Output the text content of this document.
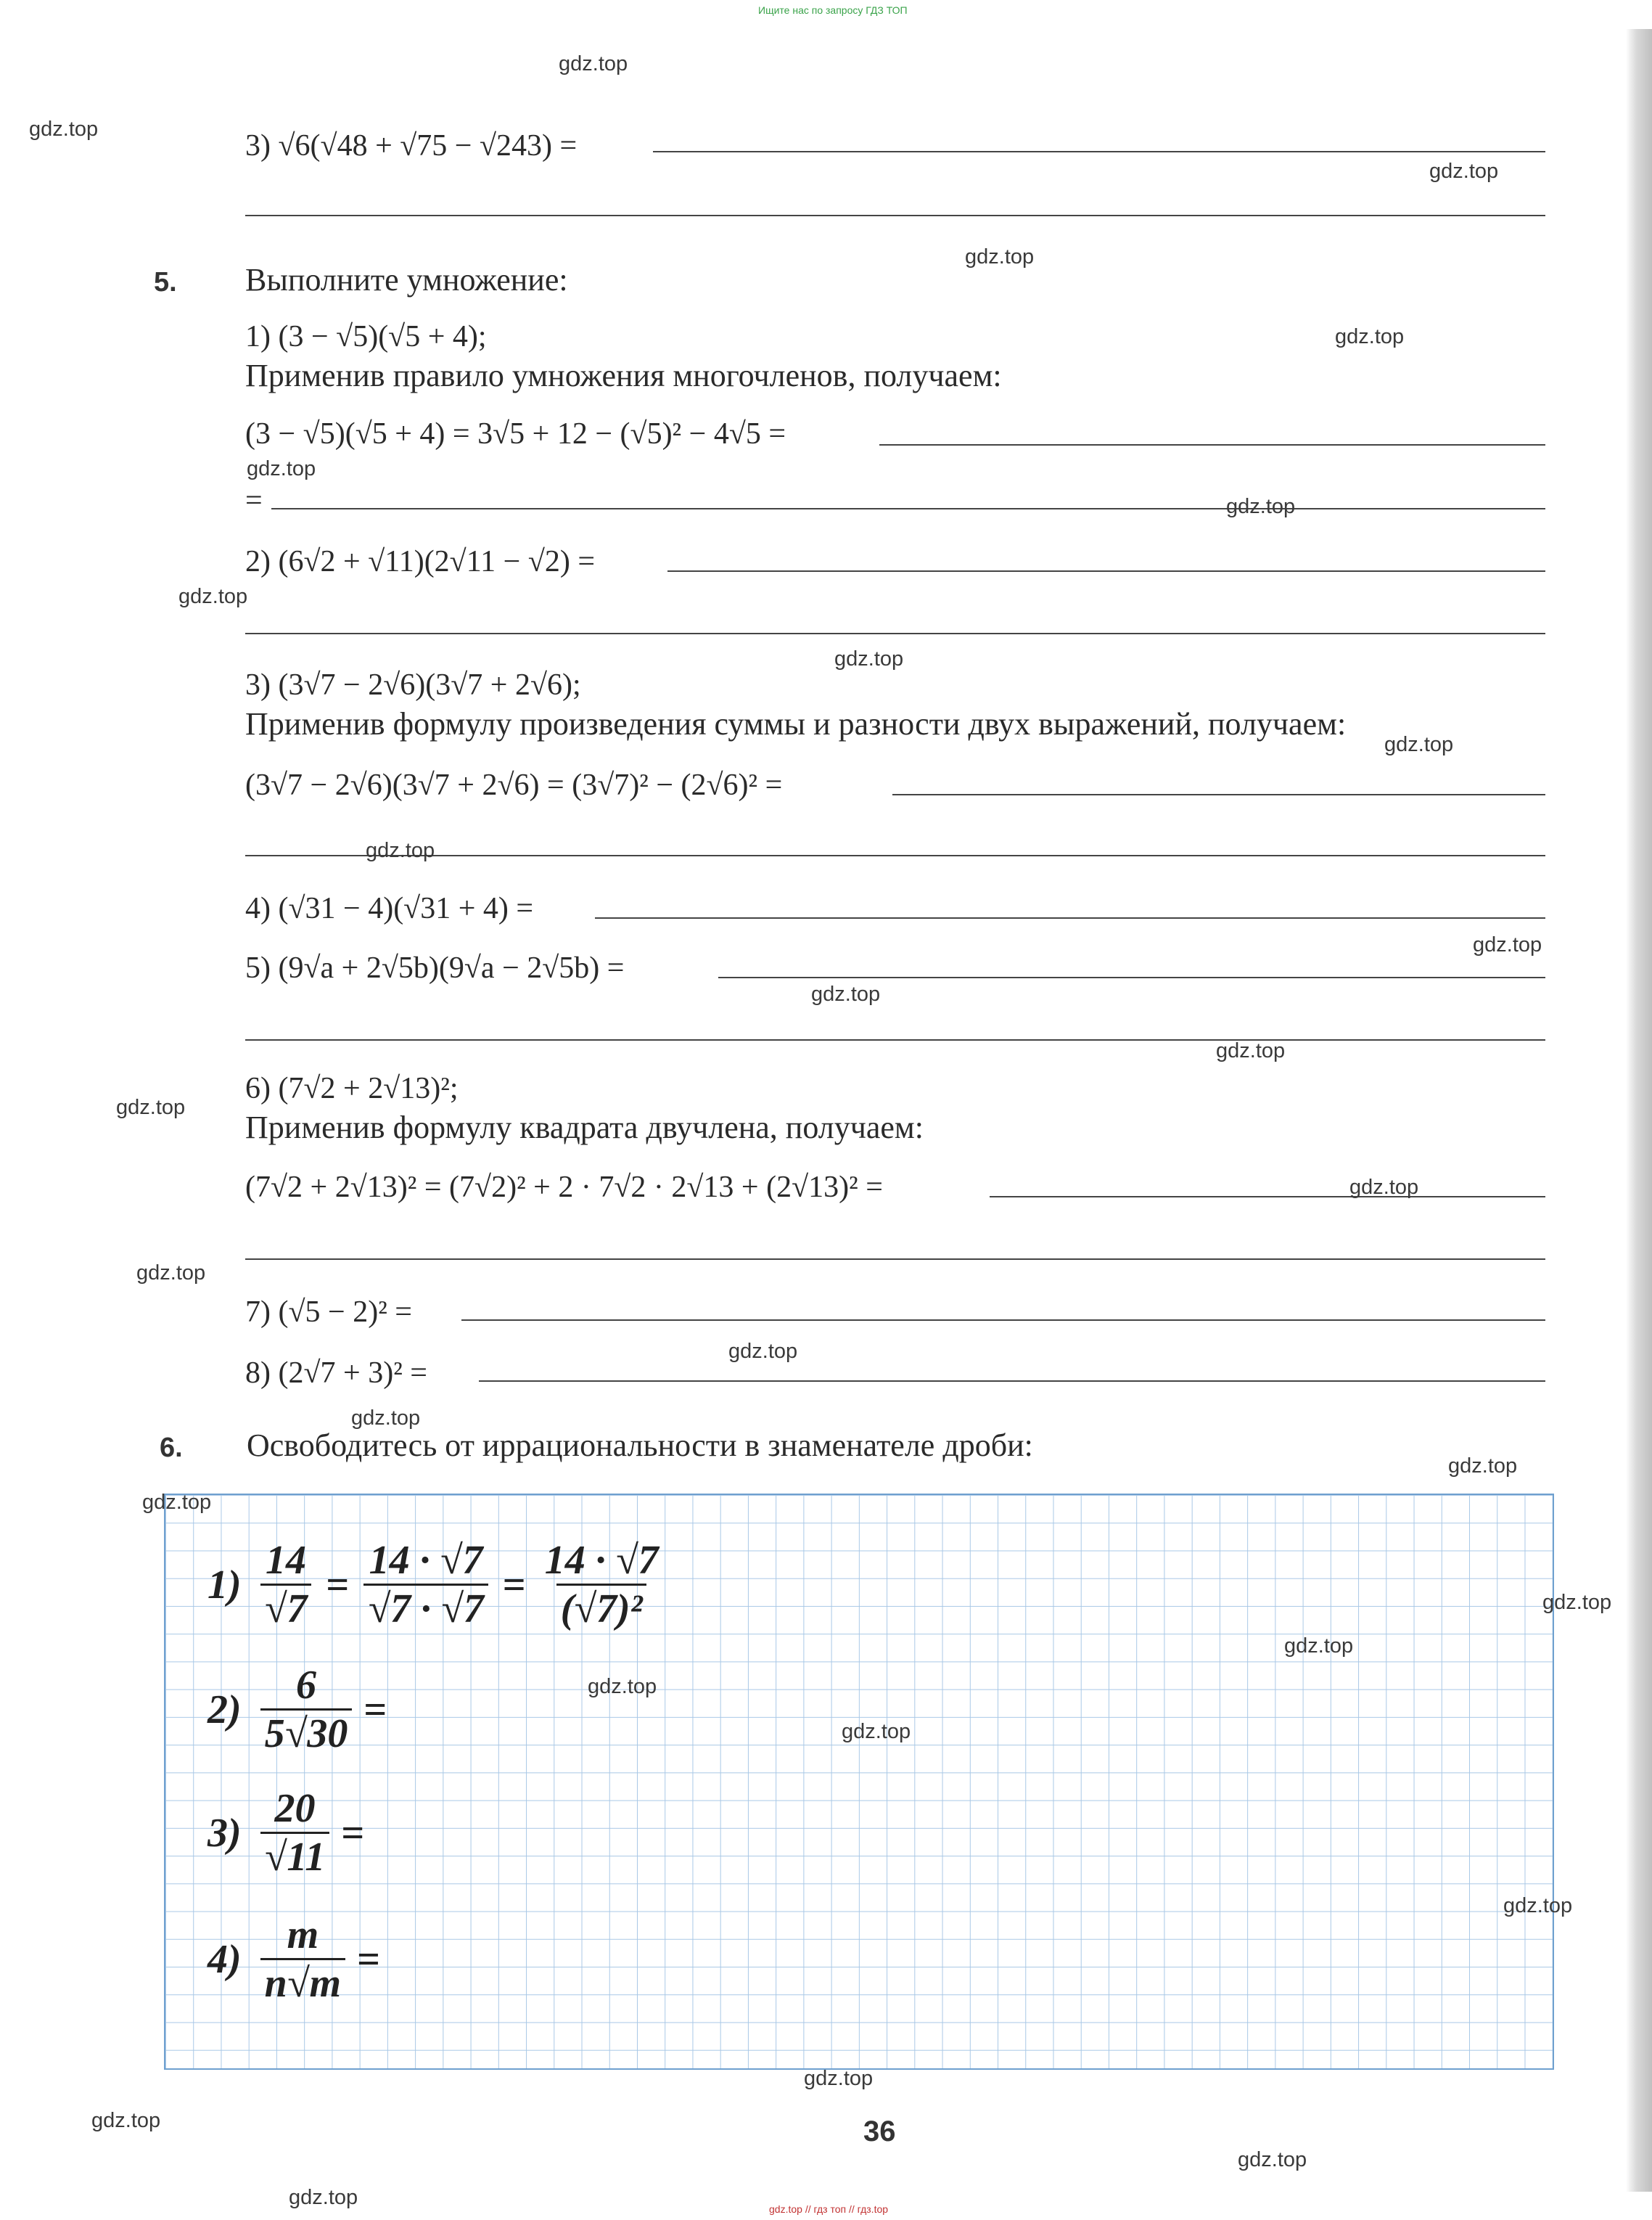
Ищите нас по запросу ГДЗ ТОП
gdz.top // гдз топ // гдз.top
3) √6(√48 + √75 − √243) =
5. Выполните умножение:
1) (3 − √5)(√5 + 4);
Применив правило умножения многочленов, получаем:
(3 − √5)(√5 + 4) = 3√5 + 12 − (√5)² − 4√5 =
=
2) (6√2 + √11)(2√11 − √2) =
3) (3√7 − 2√6)(3√7 + 2√6);
Применив формулу произведения суммы и разности двух выражений, получаем:
(3√7 − 2√6)(3√7 + 2√6) = (3√7)² − (2√6)² =
4) (√31 − 4)(√31 + 4) =
5) (9√a + 2√5b)(9√a − 2√5b) =
6) (7√2 + 2√13)²;
Применив формулу квадрата двучлена, получаем:
(7√2 + 2√13)² = (7√2)² + 2 · 7√2 · 2√13 + (2√13)² =
7) (√5 − 2)² =
8) (2√7 + 3)² =
6. Освободитесь от иррациональности в знаменателе дроби:
$1) \frac{14}{√7} = \frac{14 \cdot √7}{√7 \cdot √7} = \frac{14 \cdot √7}{\text{(√7)²}}$
$2) \frac{6}{5√30}$ =
$3) \frac{20}{√11}$ =
$4) \frac{m}{n√m}$ =
36
gdz.top
gdz.top
gdz.top
gdz.top
gdz.top
gdz.top
gdz.top
gdz.top
gdz.top
gdz.top
gdz.top
gdz.top
gdz.top
gdz.top
gdz.top
gdz.top
gdz.top
gdz.top
gdz.top
gdz.top
gdz.top
gdz.top
gdz.top
gdz.top
gdz.top
gdz.top
gdz.top
gdz.top
gdz.top
gdz.top
